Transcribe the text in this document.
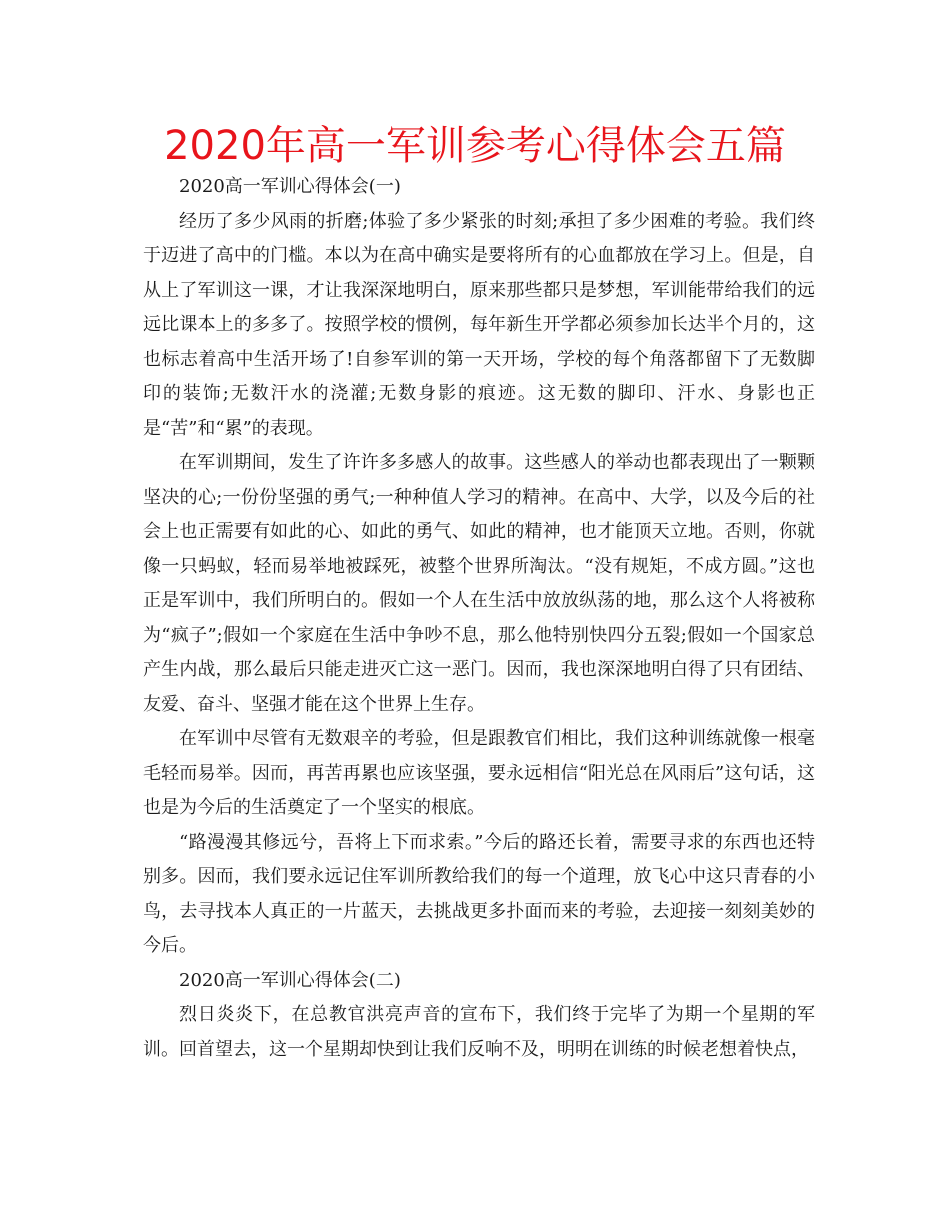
2020年高一军训参考心得体会五篇

2020高一军训心得体会(一)

经历了多少风雨的折磨;体验了多少紧张的时刻;承担了多少困难的考验。我们终于迈进了高中的门槛。本以为在高中确实是要将所有的心血都放在学习上。但是，自从上了军训这一课，才让我深深地明白，原来那些都只是梦想，军训能带给我们的远远比课本上的多多了。按照学校的惯例，每年新生开学都必须参加长达半个月的，这也标志着高中生活开场了!自参军训的第一天开场，学校的每个角落都留下了无数脚印的装饰;无数汗水的浇灌;无数身影的痕迹。这无数的脚印、汗水、身影也正是“苦”和“累”的表现。

在军训期间，发生了许许多多感人的故事。这些感人的举动也都表现出了一颗颗坚决的心;一份份坚强的勇气;一种种值人学习的精神。在高中、大学，以及今后的社会上也正需要有如此的心、如此的勇气、如此的精神，也才能顶天立地。否则，你就像一只蚂蚁，轻而易举地被踩死，被整个世界所淘汰。“没有规矩，不成方圆。”这也正是军训中，我们所明白的。假如一个人在生活中放放纵荡的地，那么这个人将被称为“疯子”;假如一个家庭在生活中争吵不息，那么他特别快四分五裂;假如一个国家总产生内战，那么最后只能走进灭亡这一恶门。因而，我也深深地明白得了只有团结、友爱、奋斗、坚强才能在这个世界上生存。

在军训中尽管有无数艰辛的考验，但是跟教官们相比，我们这种训练就像一根毫毛轻而易举。因而，再苦再累也应该坚强，要永远相信“阳光总在风雨后”这句话，这也是为今后的生活奠定了一个坚实的根底。

“路漫漫其修远兮，吾将上下而求索。”今后的路还长着，需要寻求的东西也还特别多。因而，我们要永远记住军训所教给我们的每一个道理，放飞心中这只青春的小鸟，去寻找本人真正的一片蓝天，去挑战更多扑面而来的考验，去迎接一刻刻美妙的今后。

2020高一军训心得体会(二)

烈日炎炎下，在总教官洪亮声音的宣布下，我们终于完毕了为期一个星期的军训。回首望去，这一个星期却快到让我们反响不及，明明在训练的时候老想着快点，
